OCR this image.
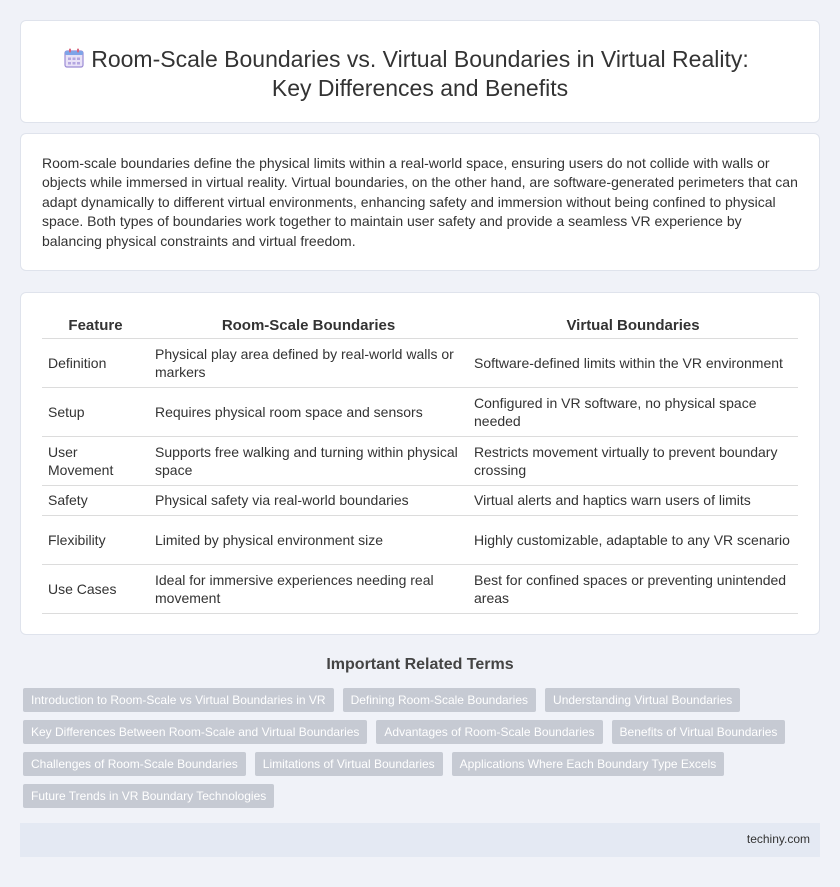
Room-Scale Boundaries vs. Virtual Boundaries in Virtual Reality:
Key Differences and Benefits

Room-scale boundaries define the physical limits within a real-world space, ensuring users do not collide with walls or objects while immersed in virtual reality. Virtual boundaries, on the other hand, are software-generated perimeters that can adapt dynamically to different virtual environments, enhancing safety and immersion without being confined to physical space. Both types of boundaries work together to maintain user safety and provide a seamless VR experience by balancing physical constraints and virtual freedom.

Feature	Room-Scale Boundaries	Virtual Boundaries
Definition	Physical play area defined by real-world walls or markers	Software-defined limits within the VR environment
Setup	Requires physical room space and sensors	Configured in VR software, no physical space needed
User Movement	Supports free walking and turning within physical space	Restricts movement virtually to prevent boundary crossing
Safety	Physical safety via real-world boundaries	Virtual alerts and haptics warn users of limits
Flexibility	Limited by physical environment size	Highly customizable, adaptable to any VR scenario
Use Cases	Ideal for immersive experiences needing real movement	Best for confined spaces or preventing unintended areas
Important Related Terms
Introduction to Room-Scale vs Virtual Boundaries in VR	Defining Room-Scale Boundaries	Understanding Virtual Boundaries
Key Differences Between Room-Scale and Virtual Boundaries	Advantages of Room-Scale Boundaries	Benefits of Virtual Boundaries
Challenges of Room-Scale Boundaries	Limitations of Virtual Boundaries	Applications Where Each Boundary Type Excels
Future Trends in VR Boundary Technologies
techiny.com
